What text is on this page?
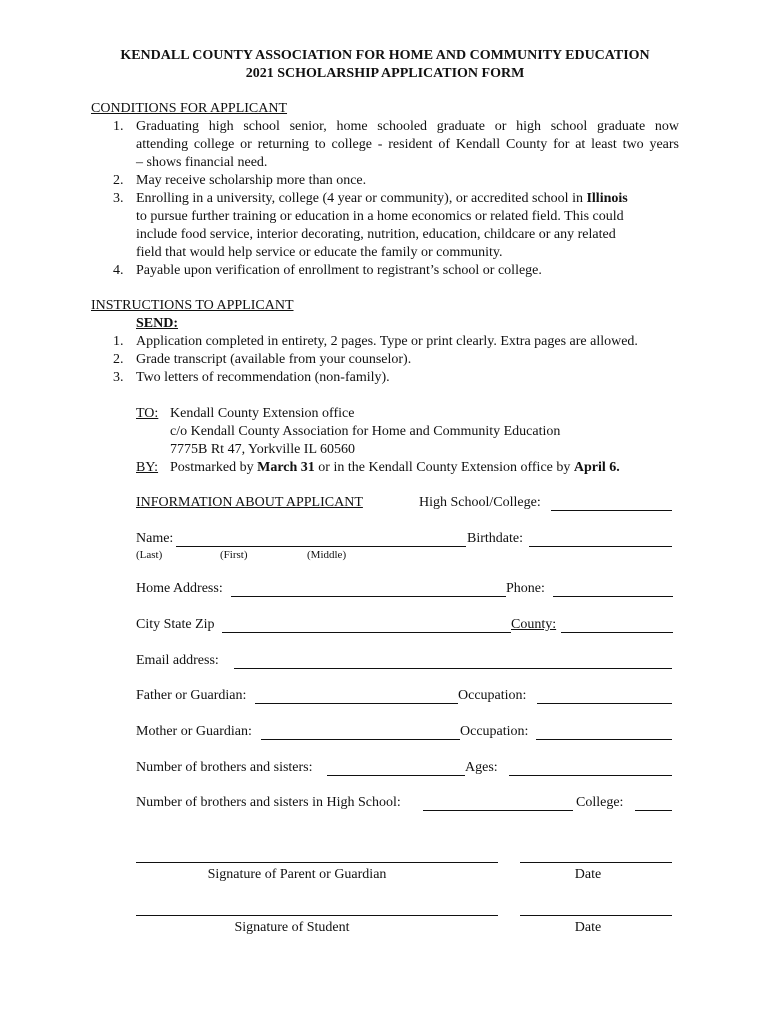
KENDALL COUNTY ASSOCIATION FOR HOME AND COMMUNITY EDUCATION
2021 SCHOLARSHIP APPLICATION FORM
CONDITIONS FOR APPLICANT
1. Graduating high school senior, home schooled graduate or high school graduate now
attending college or returning to college - resident of Kendall County for at least two years
– shows financial need.
2. May receive scholarship more than once.
3. Enrolling in a university, college (4 year or community), or accredited school in Illinois
to pursue further training or education in a home economics or related field. This could
include food service, interior decorating, nutrition, education, childcare or any related
field that would help service or educate the family or community.
4. Payable upon verification of enrollment to registrant’s school or college.
INSTRUCTIONS TO APPLICANT
SEND:
1. Application completed in entirety, 2 pages. Type or print clearly. Extra pages are allowed.
2. Grade transcript (available from your counselor).
3. Two letters of recommendation (non-family).
TO: Kendall County Extension office
c/o Kendall County Association for Home and Community Education
7775B Rt 47, Yorkville IL 60560
BY: Postmarked by March 31 or in the Kendall County Extension office by April 6.
INFORMATION ABOUT APPLICANT	High School/College:
Name:	Birthdate:
(Last)	(First)	(Middle)
Home Address:	Phone:
City State Zip	County:
Email address:
Father or Guardian:	Occupation:
Mother or Guardian:	Occupation:
Number of brothers and sisters:	Ages:
Number of brothers and sisters in High School:	College:
Signature of Parent or Guardian	Date
Signature of Student	Date
